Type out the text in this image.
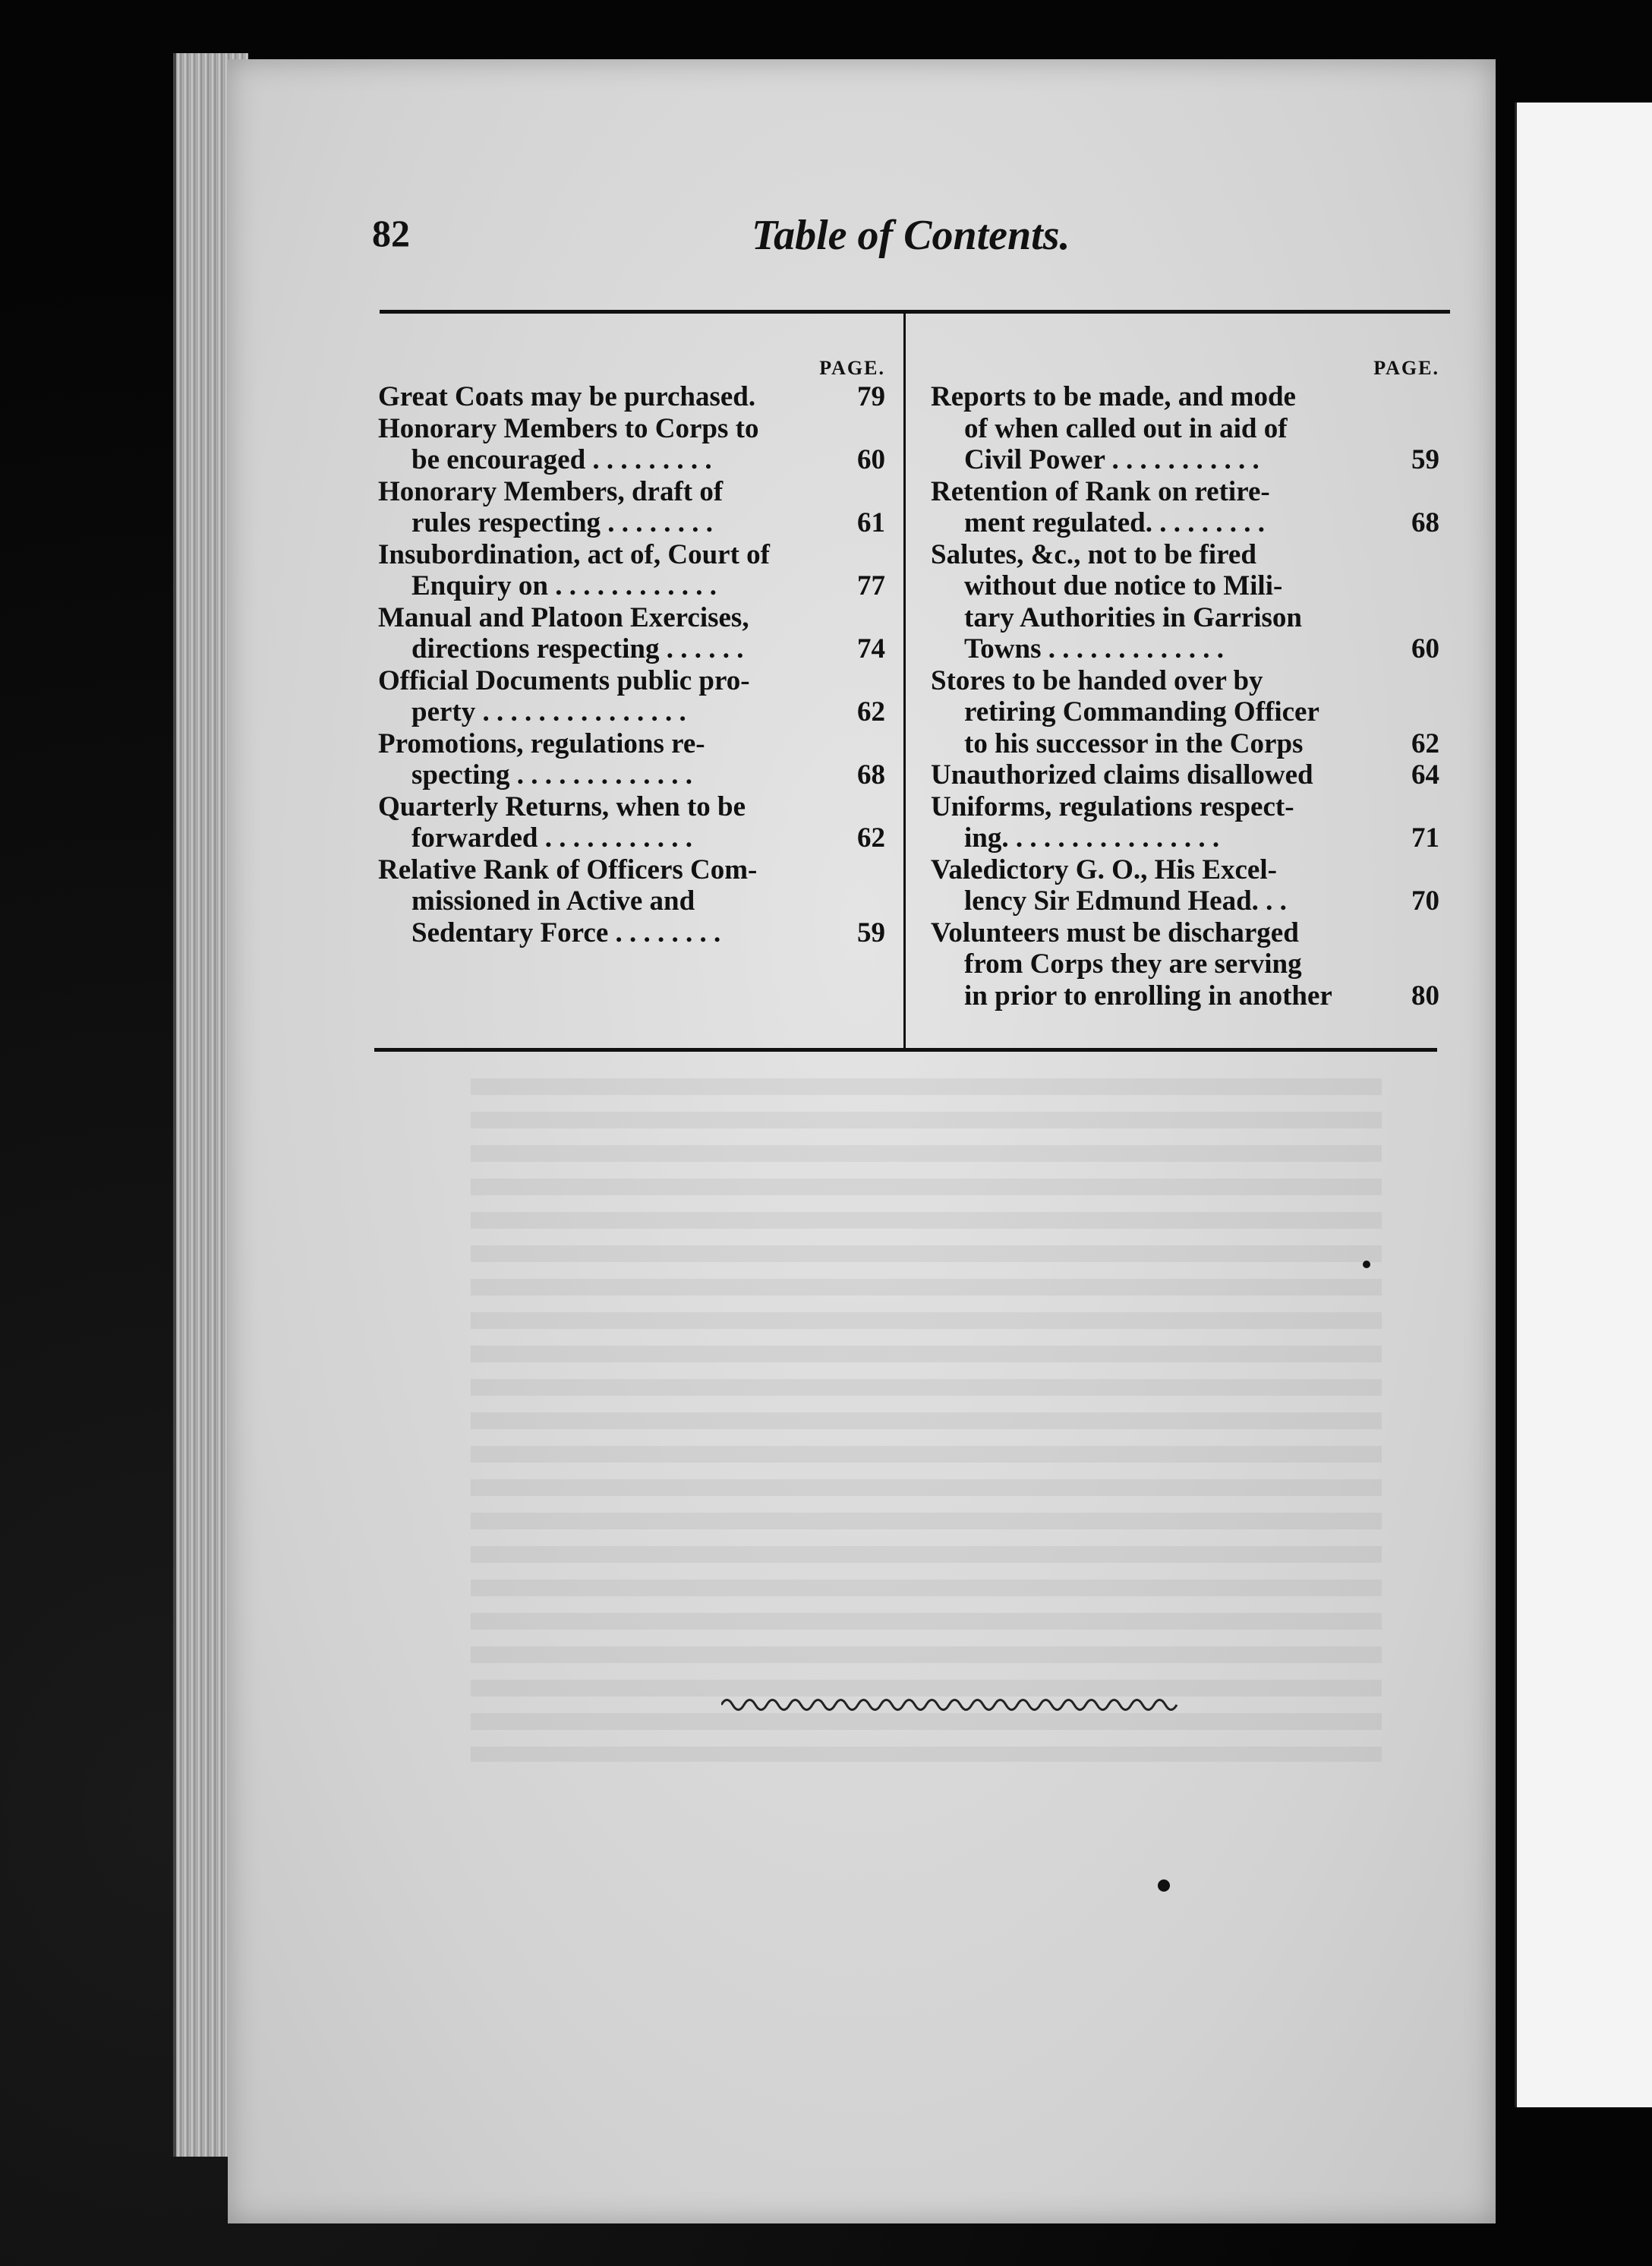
82	Table of Contents.
PAGE.
Great Coats may be purchased.	79
Honorary Members to Corps to
be encouraged . . . . . . . . .	60
Honorary Members, draft of
rules respecting . . . . . . . .	61
Insubordination, act of, Court of
Enquiry on . . . . . . . . . . . .	77
Manual and Platoon Exercises,
directions respecting . . . . . .	74
Official Documents public pro-
perty . . . . . . . . . . . . . . .	62
Promotions, regulations re-
specting . . . . . . . . . . . . .	68
Quarterly Returns, when to be
forwarded . . . . . . . . . . .	62
Relative Rank of Officers Com-
missioned in Active and
Sedentary Force . . . . . . . .	59
PAGE.
Reports to be made, and mode
of when called out in aid of
Civil Power . . . . . . . . . . .	59
Retention of Rank on retire-
ment regulated. . . . . . . . .	68
Salutes, &c., not to be fired
without due notice to Mili-
tary Authorities in Garrison
Towns . . . . . . . . . . . . .	60
Stores to be handed over by
retiring Commanding Officer
to his successor in the Corps	62
Unauthorized claims disallowed	64
Uniforms, regulations respect-
ing. . . . . . . . . . . . . . . .	71
Valedictory G. O., His Excel-
lency Sir Edmund Head. . .	70
Volunteers must be discharged
from Corps they are serving
in prior to enrolling in another	80
